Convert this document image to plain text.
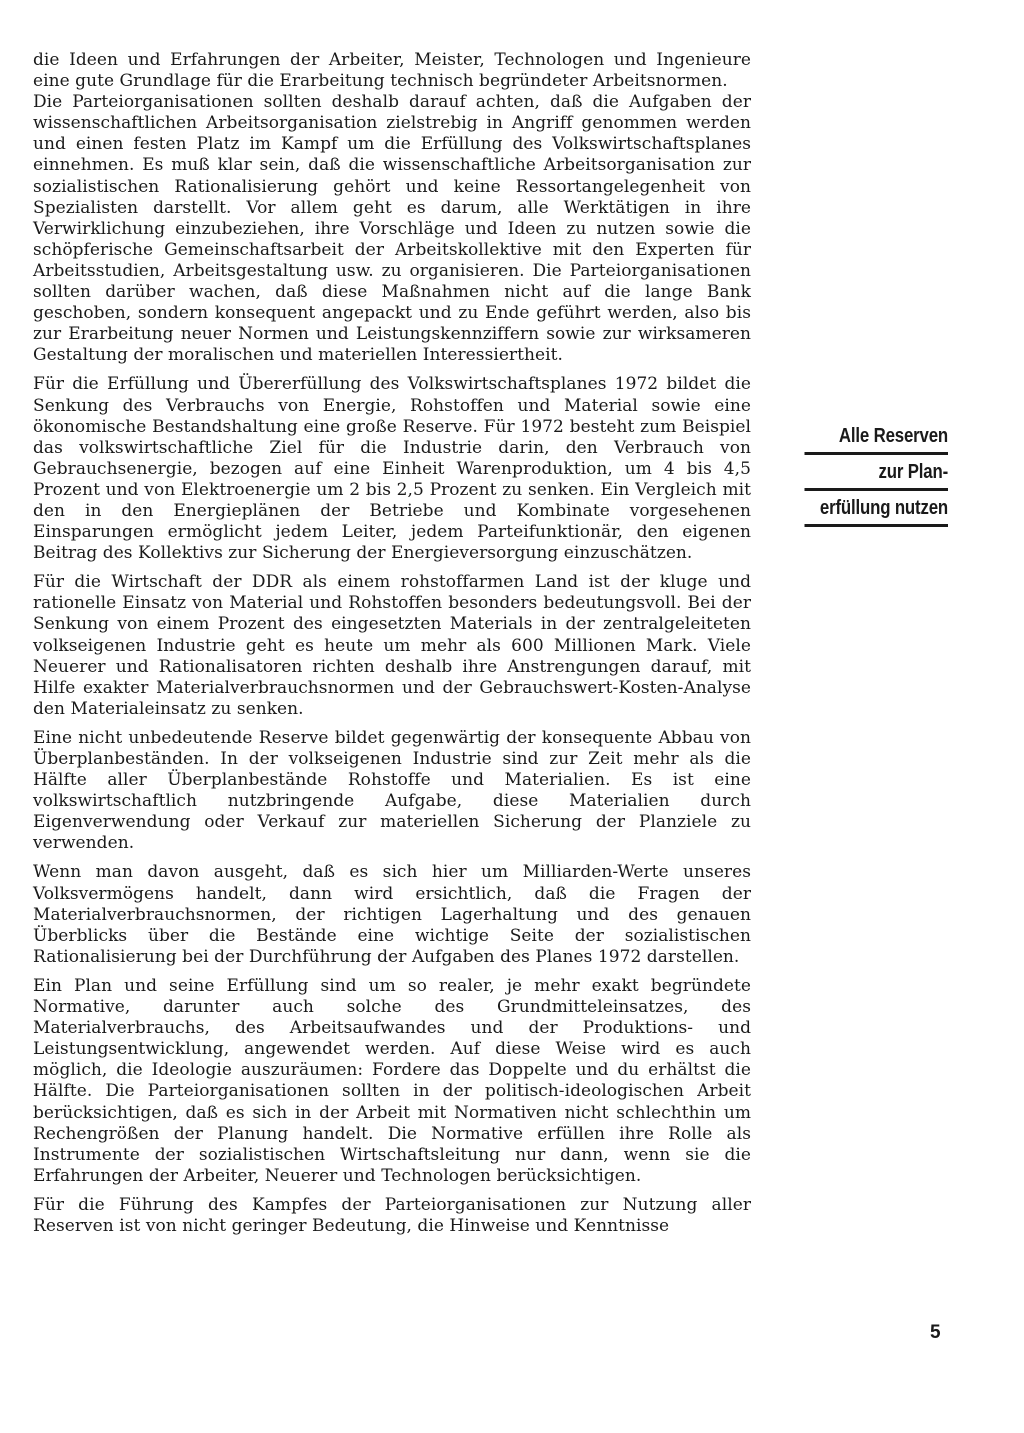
die Ideen und Erfahrungen der Arbeiter, Meister, Technologen und Ingenieure eine gute Grundlage für die Erarbeitung technisch begründeter Arbeitsnormen.

Die Parteiorganisationen sollten deshalb darauf achten, daß die Aufgaben der wissenschaftlichen Arbeitsorganisation zielstrebig in Angriff genommen werden und einen festen Platz im Kampf um die Erfüllung des Volkswirtschaftsplanes einnehmen. Es muß klar sein, daß die wissenschaftliche Arbeitsorganisation zur sozialistischen Rationalisierung gehört und keine Ressortangelegenheit von Spezialisten darstellt. Vor allem geht es darum, alle Werktätigen in ihre Verwirklichung einzubeziehen, ihre Vorschläge und Ideen zu nutzen sowie die schöpferische Gemeinschaftsarbeit der Arbeitskollektive mit den Experten für Arbeitsstudien, Arbeitsgestaltung usw. zu organisieren. Die Parteiorganisationen sollten darüber wachen, daß diese Maßnahmen nicht auf die lange Bank geschoben, sondern konsequent angepackt und zu Ende geführt werden, also bis zur Erarbeitung neuer Normen und Leistungskennziffern sowie zur wirksameren Gestaltung der moralischen und materiellen Interessiertheit.

Für die Erfüllung und Übererfüllung des Volkswirtschaftsplanes 1972 bildet die Senkung des Verbrauchs von Energie, Rohstoffen und Material sowie eine ökonomische Bestandshaltung eine große Reserve. Für 1972 besteht zum Beispiel das volkswirtschaftliche Ziel für die Industrie darin, den Verbrauch von Gebrauchsenergie, bezogen auf eine Einheit Warenproduktion, um 4 bis 4,5 Prozent und von Elektroenergie um 2 bis 2,5 Prozent zu senken. Ein Vergleich mit den in den Energieplänen der Betriebe und Kombinate vorgesehenen Einsparungen ermöglicht jedem Leiter, jedem Parteifunktionär, den eigenen Beitrag des Kollektivs zur Sicherung der Energieversorgung einzuschätzen.

Für die Wirtschaft der DDR als einem rohstoffarmen Land ist der kluge und rationelle Einsatz von Material und Rohstoffen besonders bedeutungsvoll. Bei der Senkung von einem Prozent des eingesetzten Materials in der zentralgeleiteten volkseigenen Industrie geht es heute um mehr als 600 Millionen Mark. Viele Neuerer und Rationalisatoren richten deshalb ihre Anstrengungen darauf, mit Hilfe exakter Materialverbrauchsnormen und der Gebrauchswert-Kosten-Analyse den Materialeinsatz zu senken.

Eine nicht unbedeutende Reserve bildet gegenwärtig der konsequente Abbau von Überplanbeständen. In der volkseigenen Industrie sind zur Zeit mehr als die Hälfte aller Überplanbestände Rohstoffe und Materialien. Es ist eine volkswirtschaftlich nutzbringende Aufgabe, diese Materialien durch Eigenverwendung oder Verkauf zur materiellen Sicherung der Planziele zu verwenden.

Wenn man davon ausgeht, daß es sich hier um Milliarden-Werte unseres Volksvermögens handelt, dann wird ersichtlich, daß die Fragen der Materialverbrauchsnormen, der richtigen Lagerhaltung und des genauen Überblicks über die Bestände eine wichtige Seite der sozialistischen Rationalisierung bei der Durchführung der Aufgaben des Planes 1972 darstellen.

Ein Plan und seine Erfüllung sind um so realer, je mehr exakt begründete Normative, darunter auch solche des Grundmitteleinsatzes, des Materialverbrauchs, des Arbeitsaufwandes und der Produktions- und Leistungsentwicklung, angewendet werden. Auf diese Weise wird es auch möglich, die Ideologie auszuräumen: Fordere das Doppelte und du erhältst die Hälfte. Die Parteiorganisationen sollten in der politisch-ideologischen Arbeit berücksichtigen, daß es sich in der Arbeit mit Normativen nicht schlechthin um Rechengrößen der Planung handelt. Die Normative erfüllen ihre Rolle als Instrumente der sozialistischen Wirtschaftsleitung nur dann, wenn sie die Erfahrungen der Arbeiter, Neuerer und Technologen berücksichtigen.

Für die Führung des Kampfes der Parteiorganisationen zur Nutzung aller Reserven ist von nicht geringer Bedeutung, die Hinweise und Kenntnisse

Alle Reserven
zur Plan-
erfüllung nutzen
5
